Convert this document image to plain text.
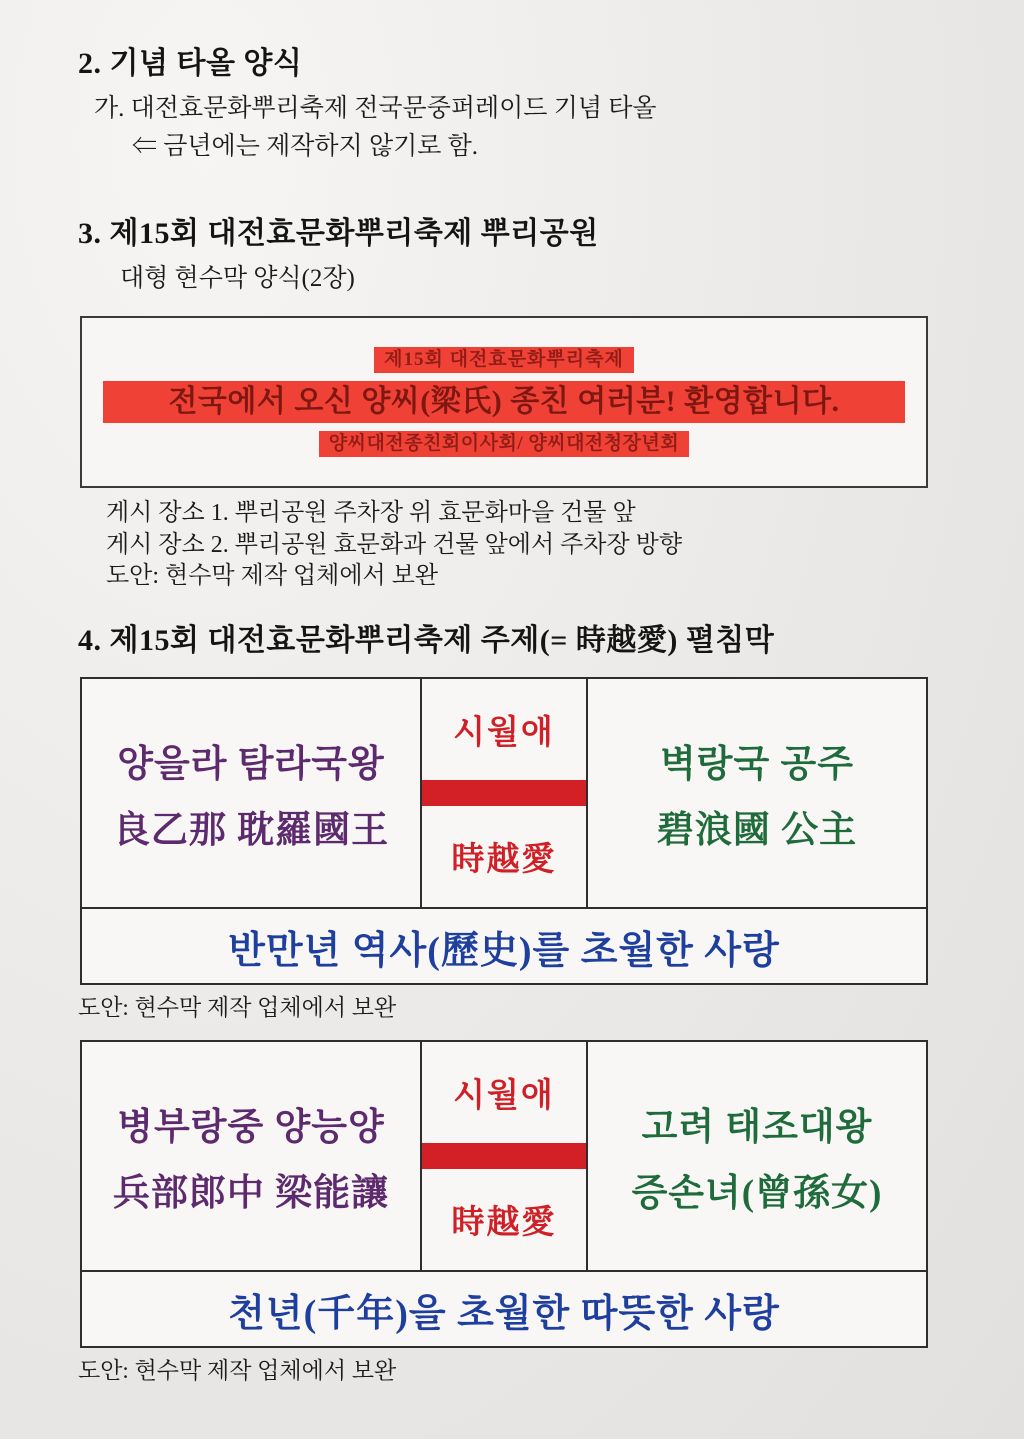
2. 기념 타올 양식

가. 대전효문화뿌리축제 전국문중퍼레이드 기념 타올

⇐ 금년에는 제작하지 않기로 함.

3. 제15회 대전효문화뿌리축제 뿌리공원

대형 현수막 양식(2장)

제15회 대전효문화뿌리축제
전국에서 오신 양씨(梁氏) 종친 여러분! 환영합니다.
양씨대전종친회이사회/ 양씨대전청장년회

게시 장소 1. 뿌리공원 주차장 위 효문화마을 건물 앞

게시 장소 2. 뿌리공원 효문화과 건물 앞에서 주차장 방향

도안: 현수막 제작 업체에서 보완

4. 제15회 대전효문화뿌리축제 주제(= 時越愛) 펼침막
양을라 탐라국왕
良乙那 耽羅國王
시월애
時越愛
벽랑국 공주
碧浪國 公主
반만년 역사(歷史)를 초월한 사랑

도안: 현수막 제작 업체에서 보완

병부랑중 양능양
兵部郎中 梁能讓
시월애
時越愛
고려 태조대왕
증손녀(曾孫女)
천년(千年)을 초월한 따뜻한 사랑

도안: 현수막 제작 업체에서 보완
